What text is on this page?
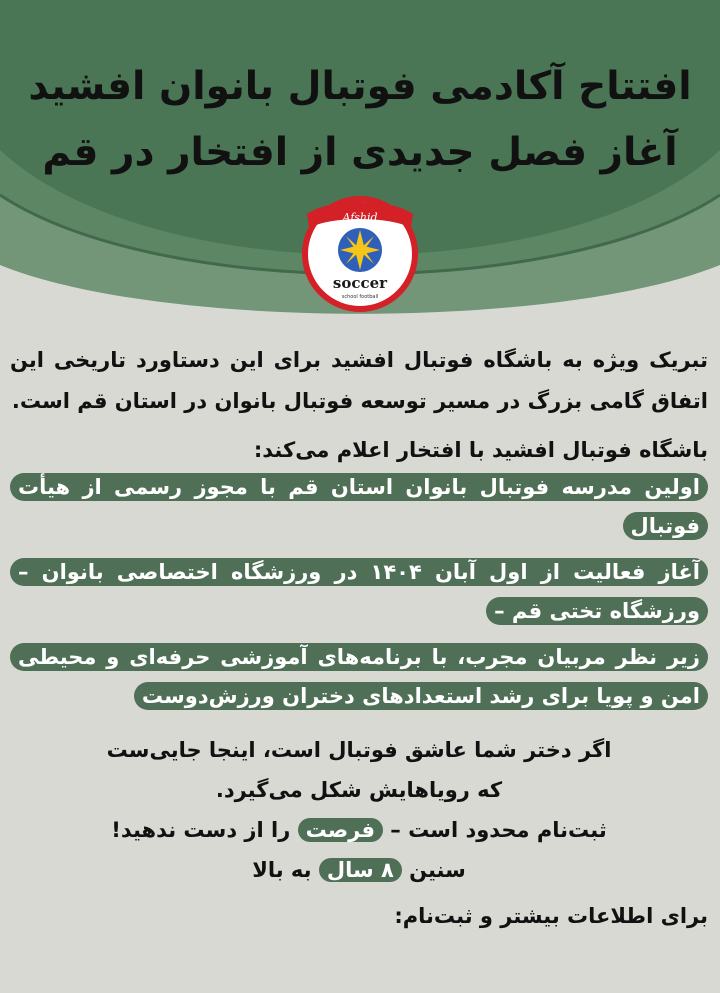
افتتاح آکادمی فوتبال بانوان افشید
آغاز فصل جدیدی از افتخار در قم
Afshid
soccer
school football

تبریک ویژه به باشگاه فوتبال افشید برای این دستاورد تاریخی این اتفاق گامی بزرگ در مسیر توسعه فوتبال بانوان در استان قم است.

باشگاه فوتبال افشید با افتخار اعلام می‌کند:

اولین مدرسه فوتبال بانوان استان قم با مجوز رسمی از هیأت فوتبال

آغاز فعالیت از اول آبان ۱۴۰۴ در ورزشگاه اختصاصی بانوان – ورزشگاه تختی قم –

زیر نظر مربیان مجرب، با برنامه‌های آموزشی حرفه‌ای و محیطی امن و پویا برای رشد استعدادهای دختران ورزش‌دوست

اگر دختر شما عاشق فوتبال است، اینجا جایی‌ست
که رویاهایش شکل می‌گیرد.
ثبت‌نام محدود است – فرصت را از دست ندهید!

سنین ۸ سال به بالا

برای اطلاعات بیشتر و ثبت‌نام:
